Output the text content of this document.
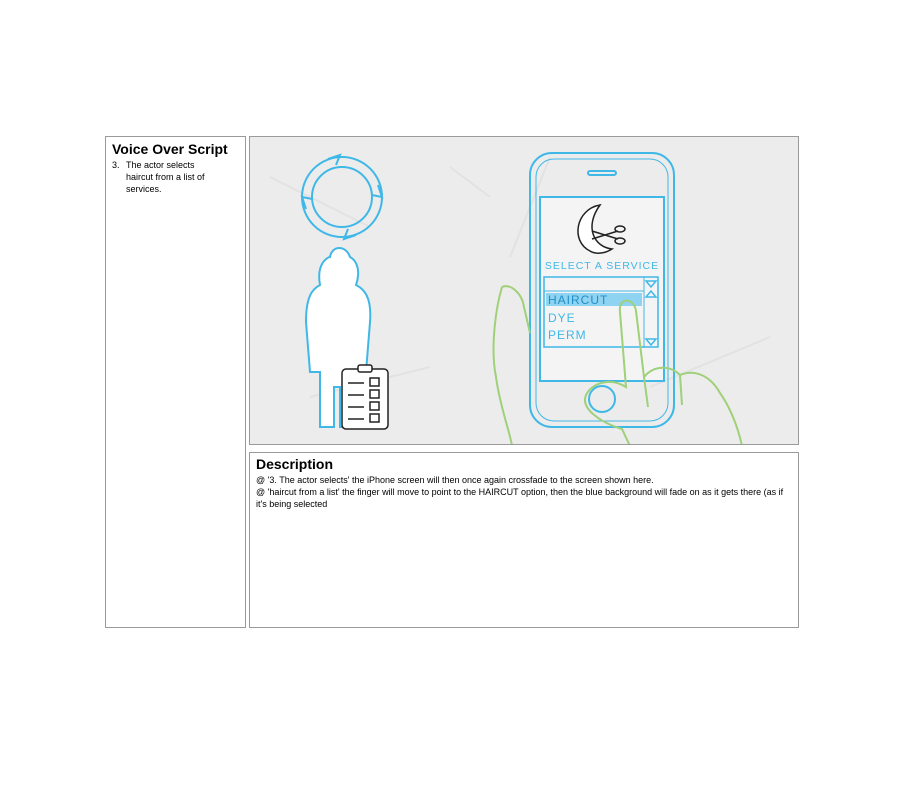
Voice Over Script
3. The actor selects haircut from a list of services.
SELECT A SERVICE
HAIRCUT
DYE
PERM
Description

@ '3. The actor selects' the iPhone screen will then once again crossfade to the screen shown here.

@ 'haircut from a list' the finger will move to point to the HAIRCUT option, then the blue background will fade on as it gets there (as if it's being selected
